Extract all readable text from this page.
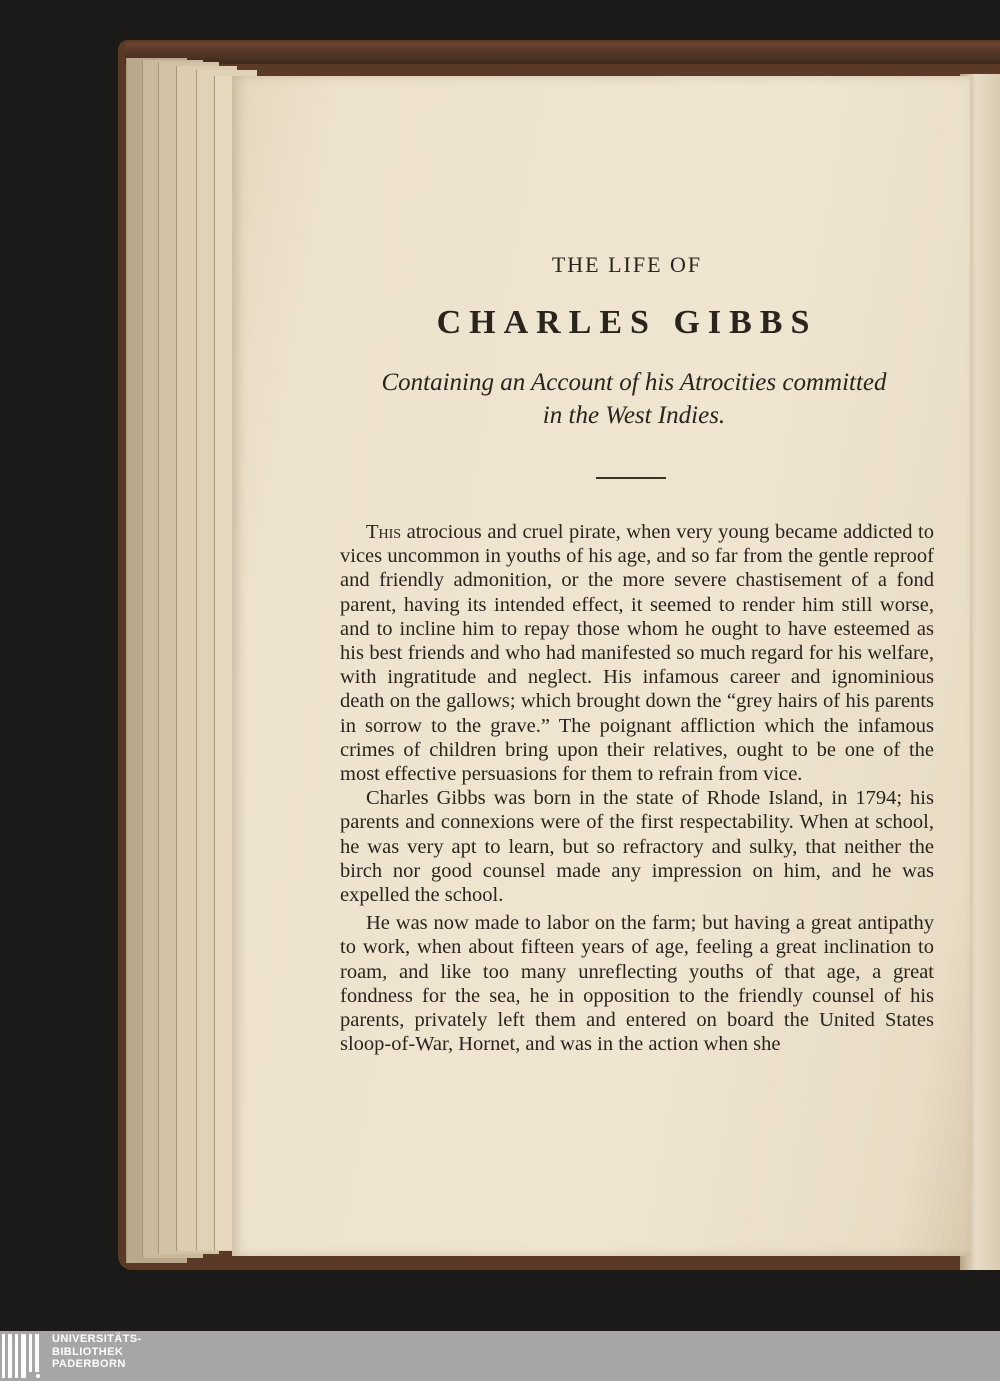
THE LIFE OF
CHARLES GIBBS
Containing an Account of his Atrocities committed
in the West Indies.

This atrocious and cruel pirate, when very young became addicted to vices uncommon in youths of his age, and so far from the gentle reproof and friendly admonition, or the more severe chastisement of a fond parent, having its intended effect, it seemed to render him still worse, and to incline him to repay those whom he ought to have esteemed as his best friends and who had manifested so much regard for his welfare, with ingratitude and neglect. His infamous career and ignominious death on the gallows; which brought down the “grey hairs of his parents in sorrow to the grave.” The poignant affliction which the infamous crimes of children bring upon their relatives, ought to be one of the most effective persuasions for them to refrain from vice.

Charles Gibbs was born in the state of Rhode Island, in 1794; his parents and connexions were of the first respectability. When at school, he was very apt to learn, but so refractory and sulky, that neither the birch nor good counsel made any impression on him, and he was expelled the school.

He was now made to labor on the farm; but having a great antipathy to work, when about fifteen years of age, feeling a great inclination to roam, and like too many unreflecting youths of that age, a great fondness for the sea, he in opposition to the friendly counsel of his parents, privately left them and entered on board the United States sloop-of-War, Hornet, and was in the action when she

UNIVERSITÄTS-
BIBLIOTHEK
PADERBORN
